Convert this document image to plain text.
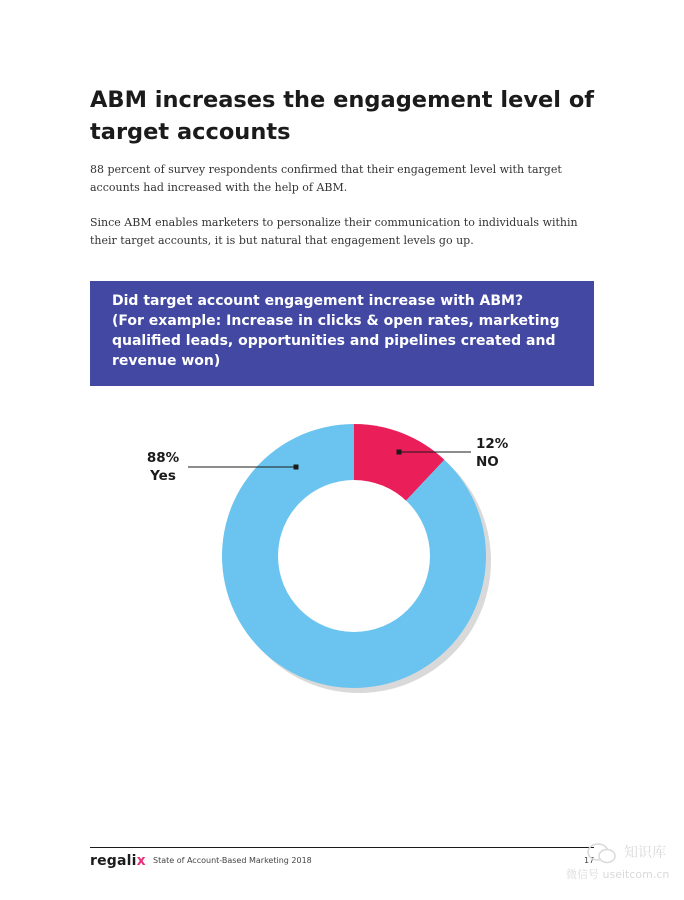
ABM increases the engagement level of target accounts

88 percent of survey respondents confirmed that their engagement level with target accounts had increased with the help of ABM.

Since ABM enables marketers to personalize their communication to individuals within their target accounts, it is but natural that engagement levels go up.

Did target account engagement increase with ABM?
(For example: Increase in clicks & open rates, marketing
qualified leads, opportunities and pipelines created and
revenue won)
88%
Yes
12%
NO
regalix State of Account-Based Marketing 2018	17 知识库
微信号 useitcom.cn
